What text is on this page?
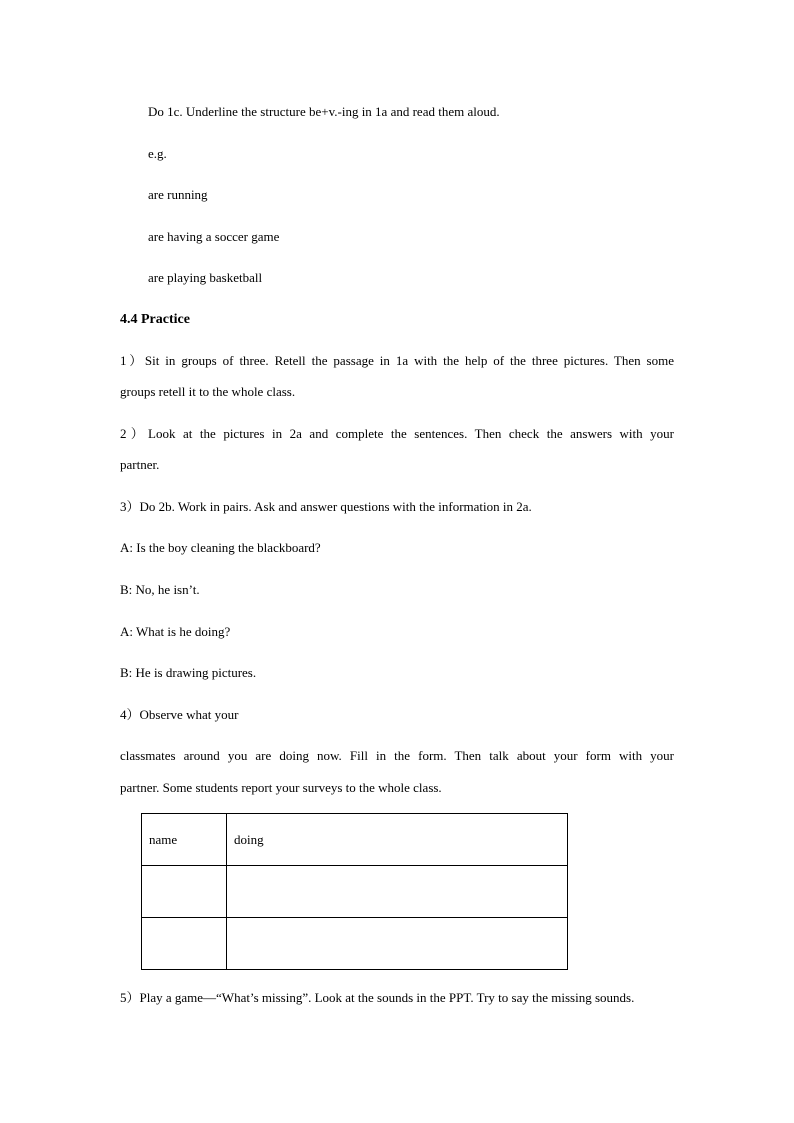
Do 1c. Underline the structure be+v.-ing in 1a and read them aloud.
e.g.
are running
are having a soccer game
are playing basketball
4.4 Practice
1）Sit in groups of three. Retell the passage in 1a with the help of the three pictures. Then some
groups retell it to the whole class.
2）Look at the pictures in 2a and complete the sentences. Then check the answers with your
partner.
3）Do 2b. Work in pairs. Ask and answer questions with the information in 2a.
A: Is the boy cleaning the blackboard?
B: No, he isn’t.
A: What is he doing?
B: He is drawing pictures.
4）Observe what your
classmates around you are doing now. Fill in the form. Then talk about your form with your
partner. Some students report your surveys to the whole class.
name	doing

5）Play a game—“What’s missing”. Look at the sounds in the PPT. Try to say the missing sounds.
